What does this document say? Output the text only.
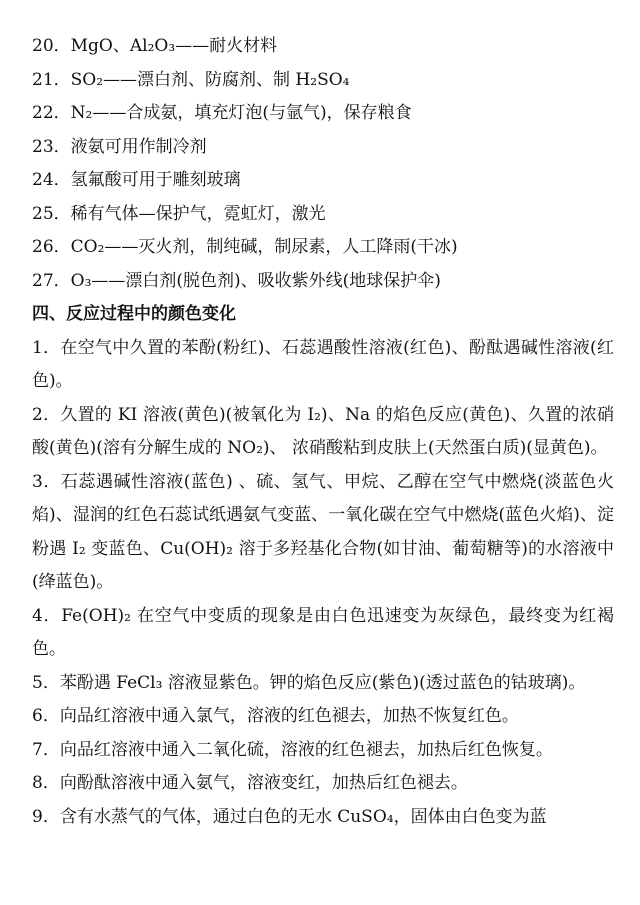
20．MgO、Al₂O₃——耐火材料
21．SO₂——漂白剂、防腐剂、制 H₂SO₄
22．N₂——合成氨，填充灯泡(与氩气)，保存粮食
23．液氨可用作制冷剂
24．氢氟酸可用于雕刻玻璃
25．稀有气体—保护气，霓虹灯，激光
26．CO₂——灭火剂，制纯碱，制尿素，人工降雨(干冰)
27．O₃——漂白剂(脱色剂)、吸收紫外线(地球保护伞)
四、反应过程中的颜色变化
1．在空气中久置的苯酚(粉红)、石蕊遇酸性溶液(红色)、酚酞遇碱性溶液(红色)。
2．久置的 KI 溶液(黄色)(被氧化为 I₂)、Na 的焰色反应(黄色)、久置的浓硝酸(黄色)(溶有分解生成的 NO₂)、 浓硝酸粘到皮肤上(天然蛋白质)(显黄色)。
3．石蕊遇碱性溶液(蓝色) 、硫、氢气、甲烷、乙醇在空气中燃烧(淡蓝色火焰)、湿润的红色石蕊试纸遇氨气变蓝、一氧化碳在空气中燃烧(蓝色火焰)、淀粉遇 I₂ 变蓝色、Cu(OH)₂ 溶于多羟基化合物(如甘油、葡萄糖等)的水溶液中(绛蓝色)。
4．Fe(OH)₂ 在空气中变质的现象是由白色迅速变为灰绿色，最终变为红褐色。
5．苯酚遇 FeCl₃ 溶液显紫色。钾的焰色反应(紫色)(透过蓝色的钴玻璃)。
6．向品红溶液中通入氯气，溶液的红色褪去，加热不恢复红色。
7．向品红溶液中通入二氧化硫，溶液的红色褪去，加热后红色恢复。
8．向酚酞溶液中通入氨气，溶液变红，加热后红色褪去。
9．含有水蒸气的气体，通过白色的无水 CuSO₄，固体由白色变为蓝
